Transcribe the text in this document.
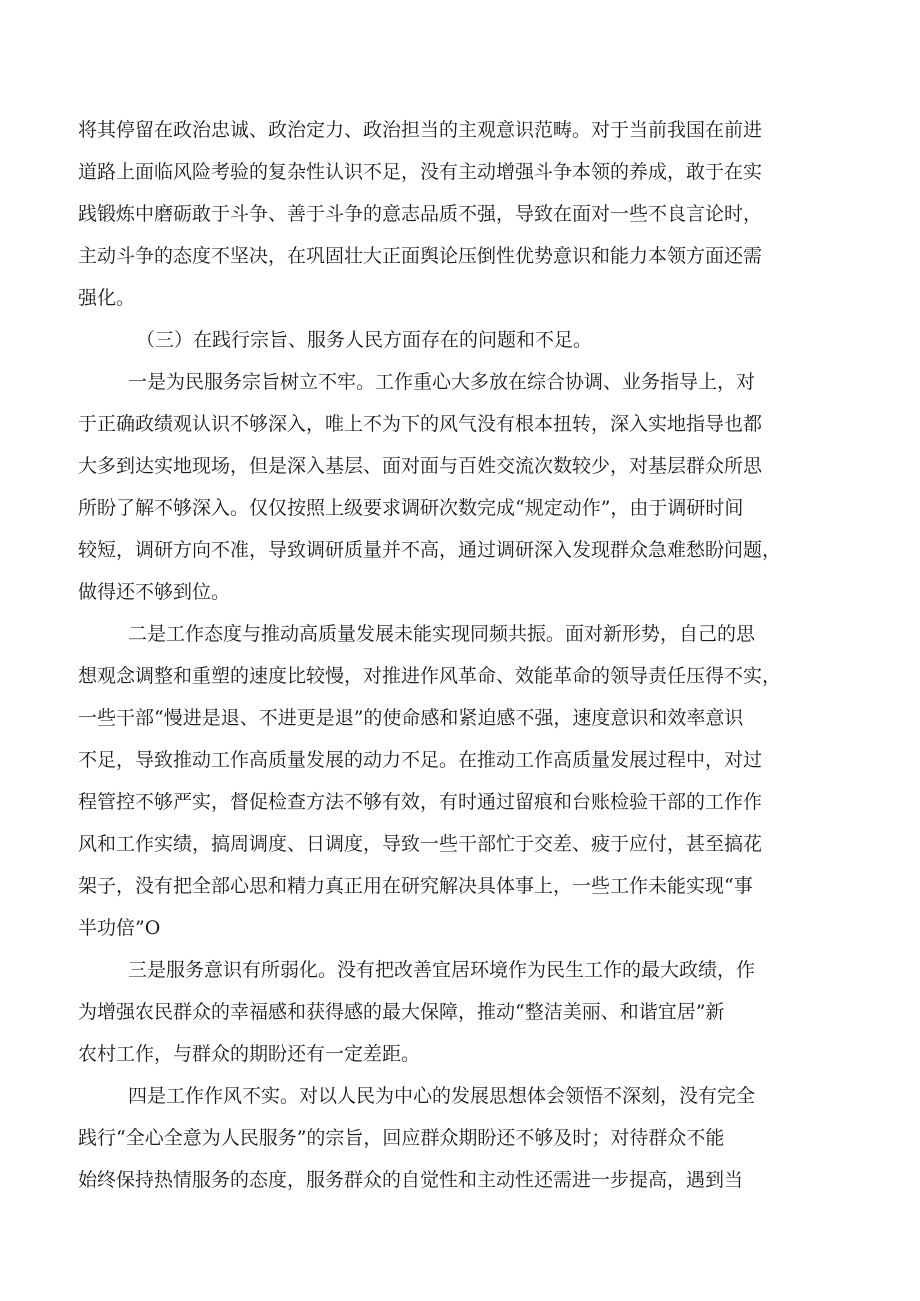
将其停留在政治忠诚、政治定力、政治担当的主观意识范畴。对于当前我国在前进
道路上面临风险考验的复杂性认识不足，没有主动增强斗争本领的养成，敢于在实
践锻炼中磨砺敢于斗争、善于斗争的意志品质不强，导致在面对一些不良言论时，
主动斗争的态度不坚决，在巩固壮大正面舆论压倒性优势意识和能力本领方面还需
强化。
（三）在践行宗旨、服务人民方面存在的问题和不足。
一是为民服务宗旨树立不牢。工作重心大多放在综合协调、业务指导上，对
于正确政绩观认识不够深入，唯上不为下的风气没有根本扭转，深入实地指导也都
大多到达实地现场，但是深入基层、面对面与百姓交流次数较少，对基层群众所思
所盼了解不够深入。仅仅按照上级要求调研次数完成“规定动作”，由于调研时间
较短，调研方向不准，导致调研质量并不高，通过调研深入发现群众急难愁盼问题，
做得还不够到位。
二是工作态度与推动高质量发展未能实现同频共振。面对新形势，自己的思
想观念调整和重塑的速度比较慢，对推进作风革命、效能革命的领导责任压得不实，
一些干部“慢进是退、不进更是退”的使命感和紧迫感不强，速度意识和效率意识
不足，导致推动工作高质量发展的动力不足。在推动工作高质量发展过程中，对过
程管控不够严实，督促检查方法不够有效，有时通过留痕和台账检验干部的工作作
风和工作实绩，搞周调度、日调度，导致一些干部忙于交差、疲于应付，甚至搞花
架子，没有把全部心思和精力真正用在研究解决具体事上，一些工作未能实现“事
半功倍”O
三是服务意识有所弱化。没有把改善宜居环境作为民生工作的最大政绩，作
为增强农民群众的幸福感和获得感的最大保障，推动“整洁美丽、和谐宜居”新
农村工作，与群众的期盼还有一定差距。
四是工作作风不实。对以人民为中心的发展思想体会领悟不深刻，没有完全
践行“全心全意为人民服务”的宗旨，回应群众期盼还不够及时；对待群众不能
始终保持热情服务的态度，服务群众的自觉性和主动性还需进一步提高，遇到当
